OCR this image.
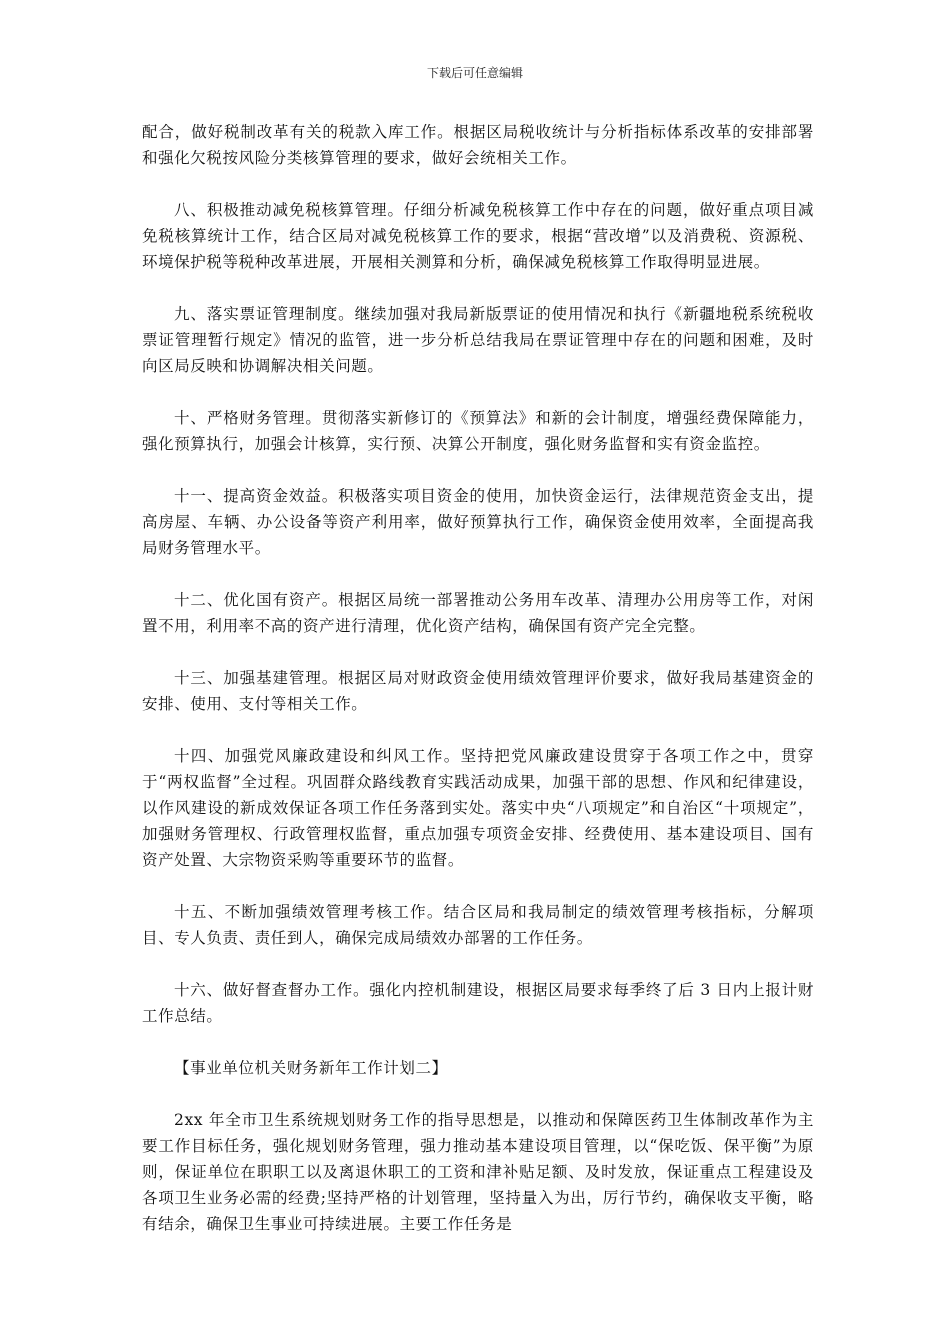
下载后可任意编辑

配合，做好税制改革有关的税款入库工作。根据区局税收统计与分析指标体系改革的安排部署和强化欠税按风险分类核算管理的要求，做好会统相关工作。

八、积极推动减免税核算管理。仔细分析减免税核算工作中存在的问题，做好重点项目减免税核算统计工作，结合区局对减免税核算工作的要求，根据“营改增”以及消费税、资源税、环境保护税等税种改革进展，开展相关测算和分析，确保减免税核算工作取得明显进展。

九、落实票证管理制度。继续加强对我局新版票证的使用情况和执行《新疆地税系统税收票证管理暂行规定》情况的监管，进一步分析总结我局在票证管理中存在的问题和困难，及时向区局反映和协调解决相关问题。

十、严格财务管理。贯彻落实新修订的《预算法》和新的会计制度，增强经费保障能力，强化预算执行，加强会计核算，实行预、决算公开制度，强化财务监督和实有资金监控。

十一、提高资金效益。积极落实项目资金的使用，加快资金运行，法律规范资金支出，提高房屋、车辆、办公设备等资产利用率，做好预算执行工作，确保资金使用效率，全面提高我局财务管理水平。

十二、优化国有资产。根据区局统一部署推动公务用车改革、清理办公用房等工作，对闲置不用，利用率不高的资产进行清理，优化资产结构，确保国有资产完全完整。

十三、加强基建管理。根据区局对财政资金使用绩效管理评价要求，做好我局基建资金的安排、使用、支付等相关工作。

十四、加强党风廉政建设和纠风工作。坚持把党风廉政建设贯穿于各项工作之中，贯穿于“两权监督”全过程。巩固群众路线教育实践活动成果，加强干部的思想、作风和纪律建设，以作风建设的新成效保证各项工作任务落到实处。落实中央“八项规定”和自治区“十项规定”，加强财务管理权、行政管理权监督，重点加强专项资金安排、经费使用、基本建设项目、国有资产处置、大宗物资采购等重要环节的监督。

十五、不断加强绩效管理考核工作。结合区局和我局制定的绩效管理考核指标，分解项目、专人负责、责任到人，确保完成局绩效办部署的工作任务。

十六、做好督查督办工作。强化内控机制建设，根据区局要求每季终了后 3 日内上报计财工作总结。

【事业单位机关财务新年工作计划二】

2xx 年全市卫生系统规划财务工作的指导思想是，以推动和保障医药卫生体制改革作为主要工作目标任务，强化规划财务管理，强力推动基本建设项目管理，以“保吃饭、保平衡”为原则，保证单位在职职工以及离退休职工的工资和津补贴足额、及时发放，保证重点工程建设及各项卫生业务必需的经费;坚持严格的计划管理，坚持量入为出，厉行节约，确保收支平衡，略有结余，确保卫生事业可持续进展。主要工作任务是
